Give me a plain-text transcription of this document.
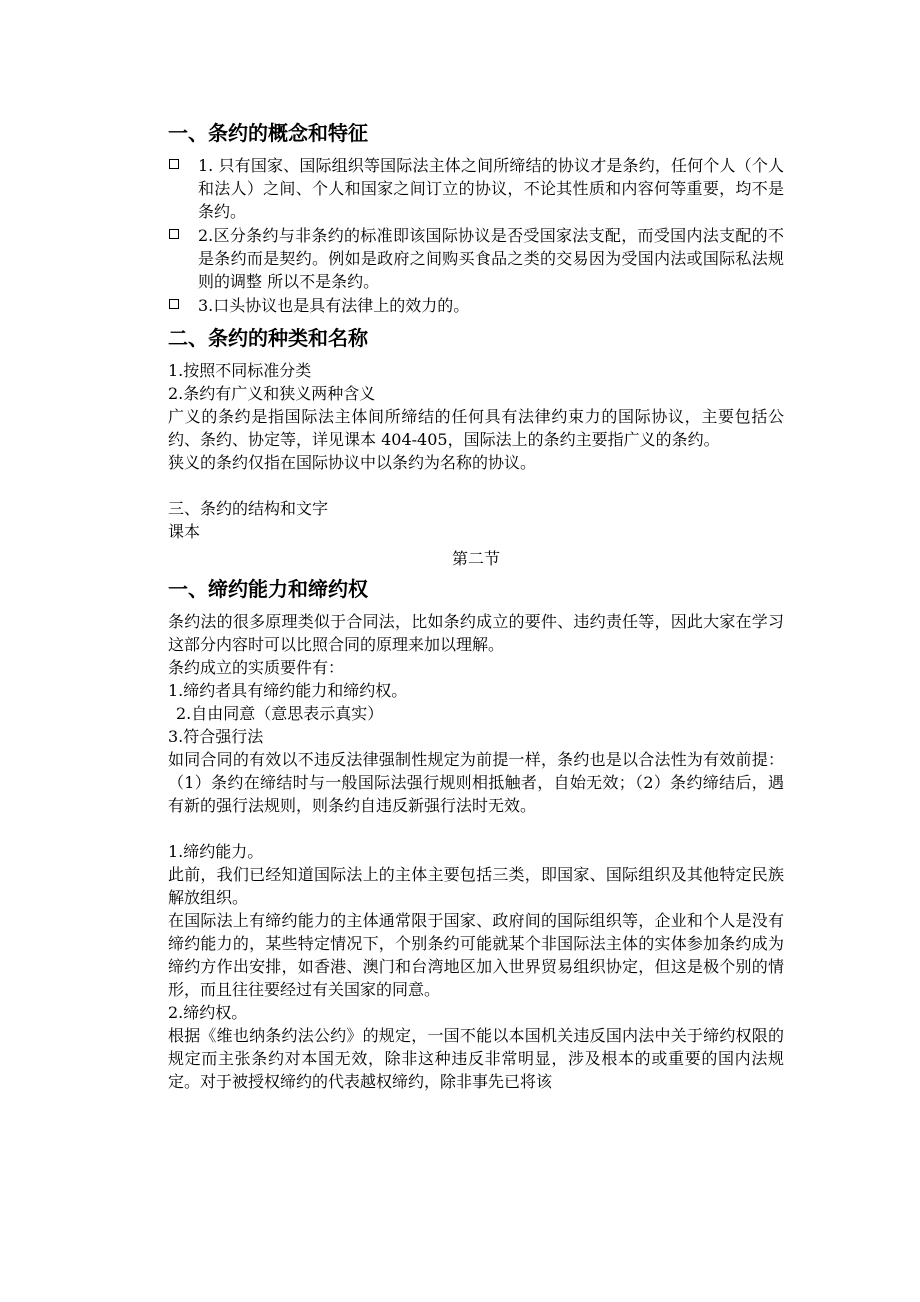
一、条约的概念和特征
1. 只有国家、国际组织等国际法主体之间所缔结的协议才是条约，任何个人（个人和法人）之间、个人和国家之间订立的协议，不论其性质和内容何等重要，均不是条约。
2.区分条约与非条约的标准即该国际协议是否受国家法支配，而受国内法支配的不是条约而是契约。例如是政府之间购买食品之类的交易因为受国内法或国际私法规则的调整 所以不是条约。
3.口头协议也是具有法律上的效力的。
二、条约的种类和名称

1.按照不同标准分类

2.条约有广义和狭义两种含义

广义的条约是指国际法主体间所缔结的任何具有法律约束力的国际协议，主要包括公约、条约、协定等，详见课本 404-405，国际法上的条约主要指广义的条约。

狭义的条约仅指在国际协议中以条约为名称的协议。

三、条约的结构和文字

课本

第二节

一、缔约能力和缔约权

条约法的很多原理类似于合同法，比如条约成立的要件、违约责任等，因此大家在学习这部分内容时可以比照合同的原理来加以理解。

条约成立的实质要件有：

1.缔约者具有缔约能力和缔约权。

2.自由同意（意思表示真实）

3.符合强行法

如同合同的有效以不违反法律强制性规定为前提一样，条约也是以合法性为有效前提：（1）条约在缔结时与一般国际法强行规则相抵触者，自始无效；（2）条约缔结后，遇有新的强行法规则，则条约自违反新强行法时无效。

1.缔约能力。

此前，我们已经知道国际法上的主体主要包括三类，即国家、国际组织及其他特定民族解放组织。

在国际法上有缔约能力的主体通常限于国家、政府间的国际组织等，企业和个人是没有缔约能力的，某些特定情况下，个别条约可能就某个非国际法主体的实体参加条约成为缔约方作出安排，如香港、澳门和台湾地区加入世界贸易组织协定，但这是极个别的情形，而且往往要经过有关国家的同意。

2.缔约权。

根据《维也纳条约法公约》的规定，一国不能以本国机关违反国内法中关于缔约权限的规定而主张条约对本国无效，除非这种违反非常明显，涉及根本的或重要的国内法规定。对于被授权缔约的代表越权缔约，除非事先已将该
